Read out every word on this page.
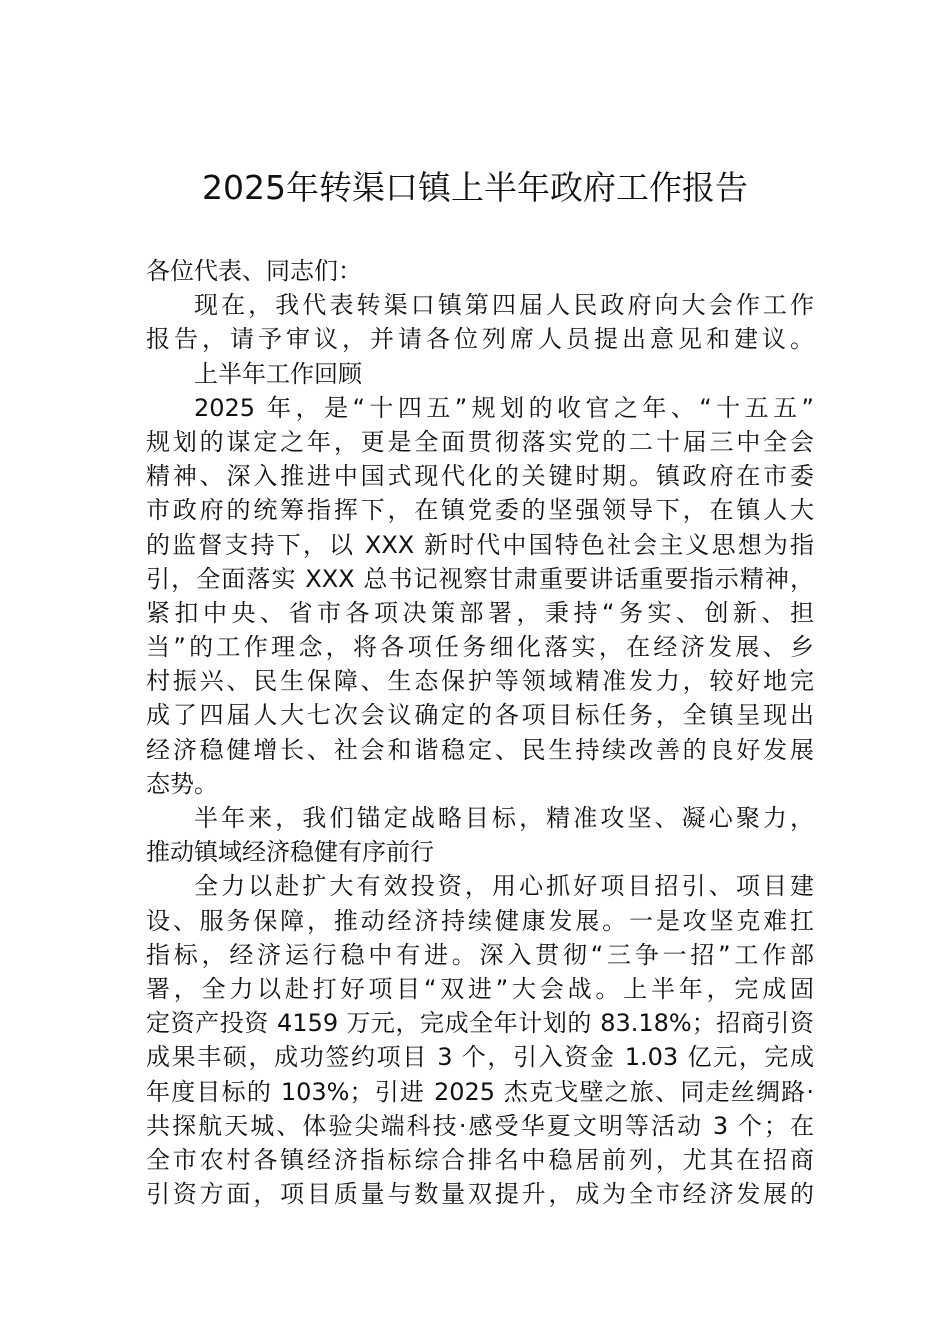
2025年转渠口镇上半年政府工作报告
各位代表、同志们：
现在，我代表转渠口镇第四届人民政府向大会作工作
报告，请予审议，并请各位列席人员提出意见和建议。
上半年工作回顾
2025 年，是“十四五”规划的收官之年、“十五五”
规划的谋定之年，更是全面贯彻落实党的二十届三中全会
精神、深入推进中国式现代化的关键时期。镇政府在市委
市政府的统筹指挥下，在镇党委的坚强领导下，在镇人大
的监督支持下，以 XXX 新时代中国特色社会主义思想为指
引，全面落实 XXX 总书记视察甘肃重要讲话重要指示精神，
紧扣中央、省市各项决策部署，秉持“务实、创新、担
当”的工作理念，将各项任务细化落实，在经济发展、乡
村振兴、民生保障、生态保护等领域精准发力，较好地完
成了四届人大七次会议确定的各项目标任务，全镇呈现出
经济稳健增长、社会和谐稳定、民生持续改善的良好发展
态势。
半年来，我们锚定战略目标，精准攻坚、凝心聚力，
推动镇域经济稳健有序前行
全力以赴扩大有效投资，用心抓好项目招引、项目建
设、服务保障，推动经济持续健康发展。一是攻坚克难扛
指标，经济运行稳中有进。深入贯彻“三争一招”工作部
署，全力以赴打好项目“双进”大会战。上半年，完成固
定资产投资 4159 万元，完成全年计划的 83.18%；招商引资
成果丰硕，成功签约项目 3 个，引入资金 1.03 亿元，完成
年度目标的 103%；引进 2025 杰克戈壁之旅、同走丝绸路·
共探航天城、体验尖端科技·感受华夏文明等活动 3 个；在
全市农村各镇经济指标综合排名中稳居前列，尤其在招商
引资方面，项目质量与数量双提升，成为全市经济发展的
